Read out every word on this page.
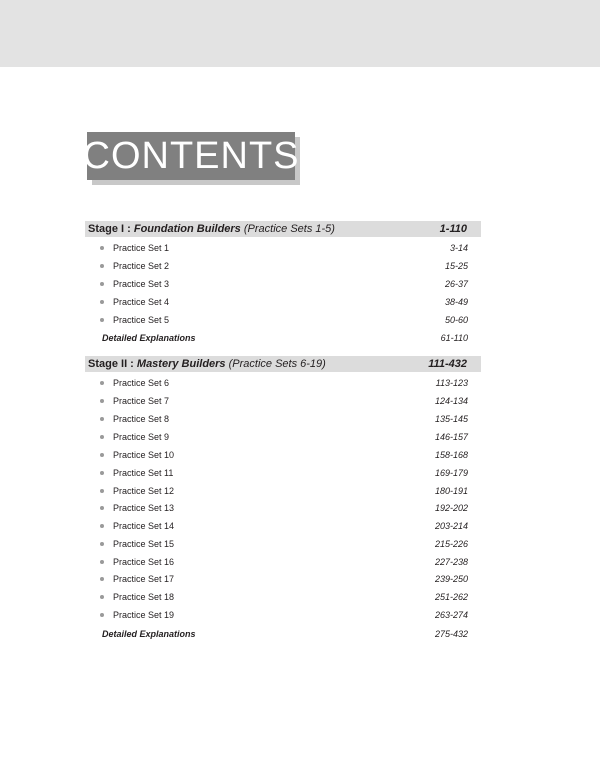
CONTENTS
Stage I : Foundation Builders (Practice Sets 1-5)	1-110
Practice Set 1	3-14
Practice Set 2	15-25
Practice Set 3	26-37
Practice Set 4	38-49
Practice Set 5	50-60
Detailed Explanations	61-110
Stage II : Mastery Builders (Practice Sets 6-19)	111-432
Practice Set 6	113-123
Practice Set 7	124-134
Practice Set 8	135-145
Practice Set 9	146-157
Practice Set 10	158-168
Practice Set 11	169-179
Practice Set 12	180-191
Practice Set 13	192-202
Practice Set 14	203-214
Practice Set 15	215-226
Practice Set 16	227-238
Practice Set 17	239-250
Practice Set 18	251-262
Practice Set 19	263-274
Detailed Explanations	275-432
